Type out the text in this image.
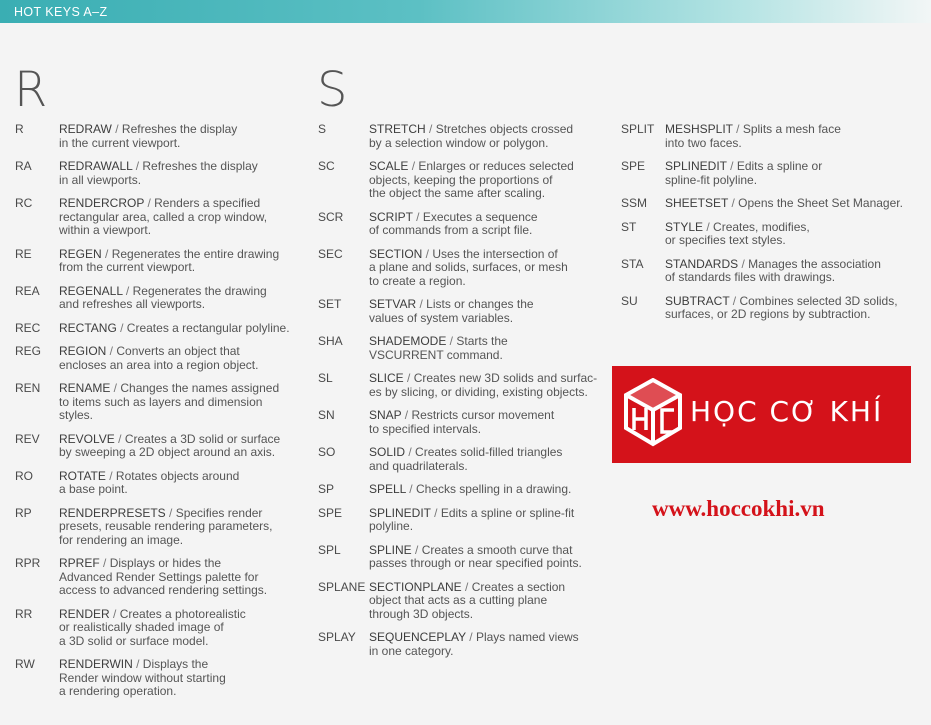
HOT KEYS A–Z
R	S
R	REDRAW / Refreshes the display
in the current viewport.
RA REDRAWALL / Refreshes the display
in all viewports.
RC RENDERCROP / Renders a specified
rectangular area, called a crop window,
within a viewport.
RE REGEN / Regenerates the entire drawing
from the current viewport.
REA REGENALL / Regenerates the drawing
and refreshes all viewports.
REC RECTANG / Creates a rectangular polyline.
REG REGION / Converts an object that
encloses an area into a region object.
REN RENAME / Changes the names assigned
to items such as layers and dimension
styles.
REV REVOLVE / Creates a 3D solid or surface
by sweeping a 2D object around an axis.
RO ROTATE / Rotates objects around
a base point.
RP RENDERPRESETS / Specifies render
presets, reusable rendering parameters,
for rendering an image.
RPR RPREF / Displays or hides the
Advanced Render Settings palette for
access to advanced rendering settings.
RR RENDER / Creates a photorealistic
or realistically shaded image of
a 3D solid or surface model.
RW RENDERWIN / Displays the
Render window without starting
a rendering operation.
S	STRETCH / Stretches objects crossed
by a selection window or polygon.
SC	SCALE / Enlarges or reduces selected
objects, keeping the proportions of
the object the same after scaling.
SCR SCRIPT / Executes a sequence
of commands from a script file.
SEC SECTION / Uses the intersection of
a plane and solids, surfaces, or mesh
to create a region.
SET SETVAR / Lists or changes the
values of system variables.
SHA SHADEMODE / Starts the
VSCURRENT command.
SL	SLICE / Creates new 3D solids and surfac-
es by slicing, or dividing, existing objects.
SN	SNAP / Restricts cursor movement
to specified intervals.
SO	SOLID / Creates solid-filled triangles
and quadrilaterals.
SP	SPELL / Checks spelling in a drawing.
SPE SPLINEDIT / Edits a spline or spline-fit
polyline.
SPL SPLINE / Creates a smooth curve that
passes through or near specified points.
SPLANE SECTIONPLANE / Creates a section
object that acts as a cutting plane
through 3D objects.
SPLAY SEQUENCEPLAY / Plays named views
in one category.
SPLIT MESHSPLIT / Splits a mesh face
into two faces.
SPE SPLINEDIT / Edits a spline or
spline-fit polyline.
SSM SHEETSET / Opens the Sheet Set Manager.
ST STYLE / Creates, modifies,
or specifies text styles.
STA STANDARDS / Manages the association
of standards files with drawings.
SU SUBTRACT / Combines selected 3D solids,
surfaces, or 2D regions by subtraction.
HỌC CƠ KHÍ
www.hoccokhi.vn
